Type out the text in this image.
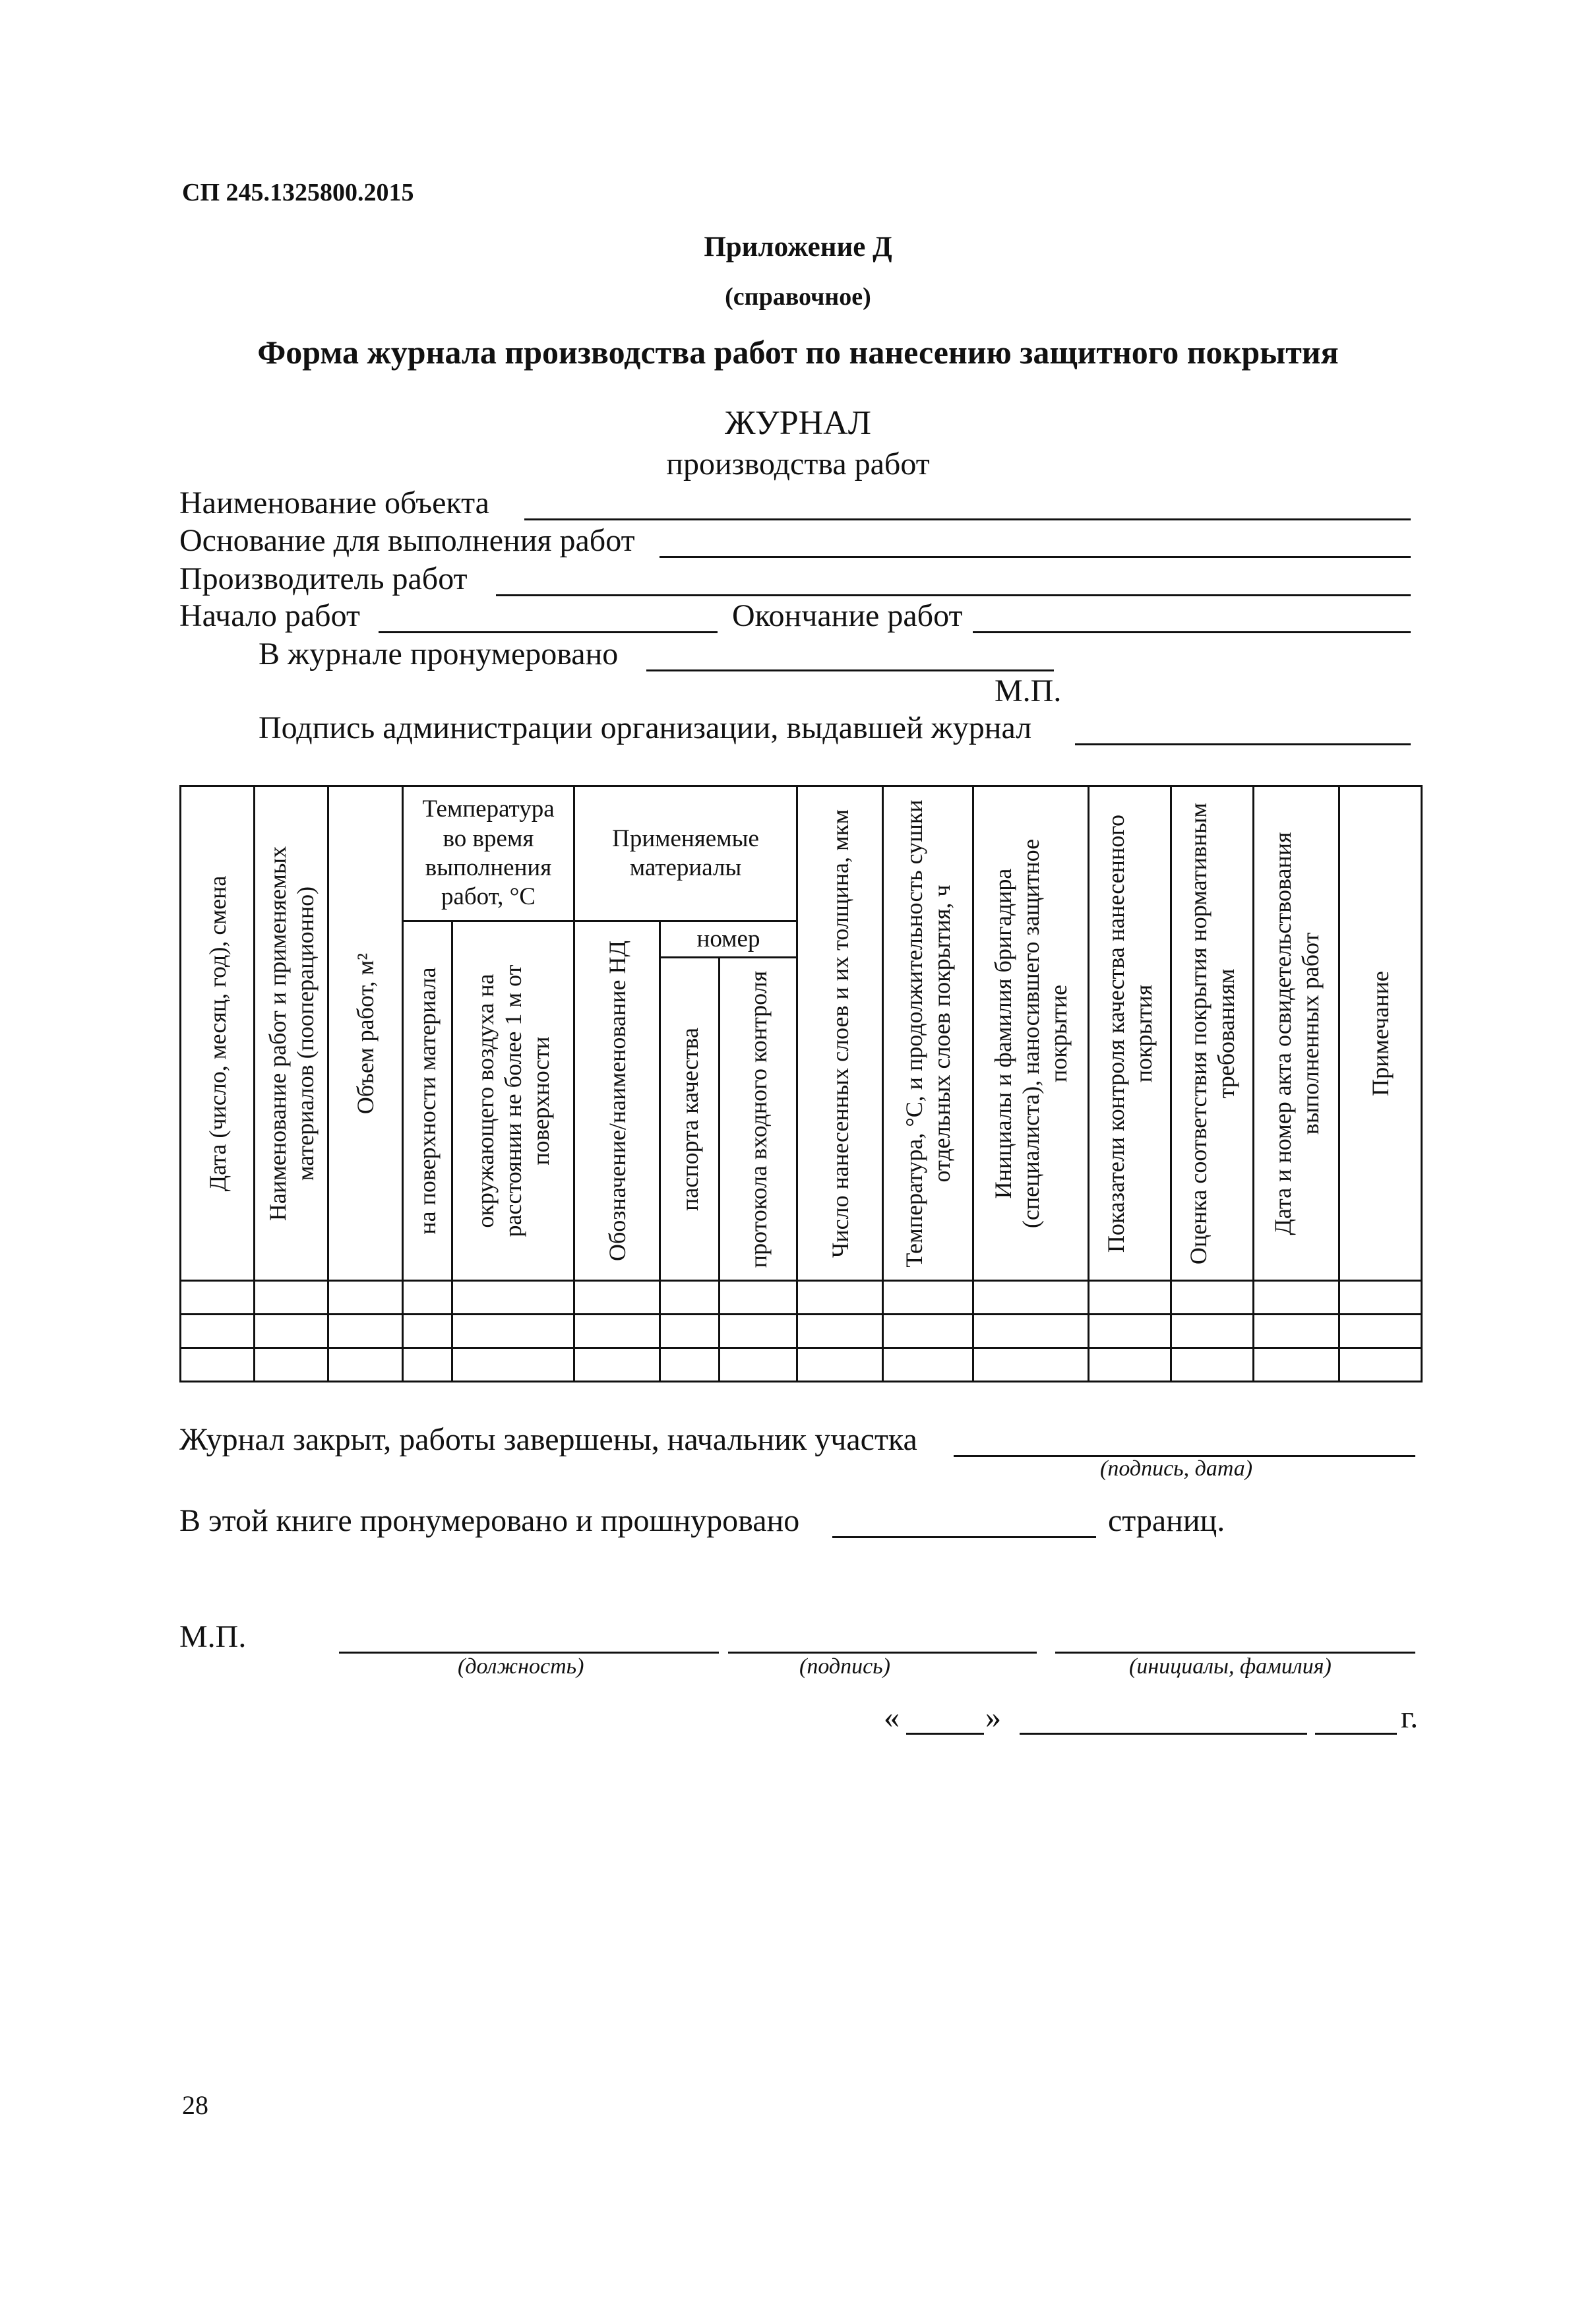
СП 245.1325800.2015
Приложение Д
(справочное)
Форма журнала производства работ по нанесению защитного покрытия
ЖУРНАЛ
производства работ
Наименование объекта
Основание для выполнения работ
Производитель работ
Начало работ	Окончание работ
В журнале пронумеровано
М.П.
Подпись администрации организации, выдавшей журнал
Дата (число, месяц, год), смена	Наименование работ и применяемых материалов (пооперационно)	Объем работ, м²	Температура во время выполнения работ, °С		Применяемые материалы			Число нанесенных слоев и их толщина, мкм	Температура, °С, и продолжительность сушки отдельных слоев покрытия, ч	Инициалы и фамилия бригадира (специалиста), наносившего защитное покрытие	Показатели контроля качества нанесенного покрытия	Оценка соответствия покрытия нормативным требованиям	Дата и номер акта освидетельствования выполненных работ	Примечание

			на поверхности материала	окружающего воздуха на расстоянии не более 1 м от поверхности	Обозначение/наименование НД	номер								

						паспорта качества	протокола входного контроля							

Журнал закрыт, работы завершены, начальник участка
(подпись, дата)
В этой книге пронумеровано и прошнуровано	страниц.
М.П.
(должность)	(подпись)	(инициалы, фамилия)
«	»	г.
28
